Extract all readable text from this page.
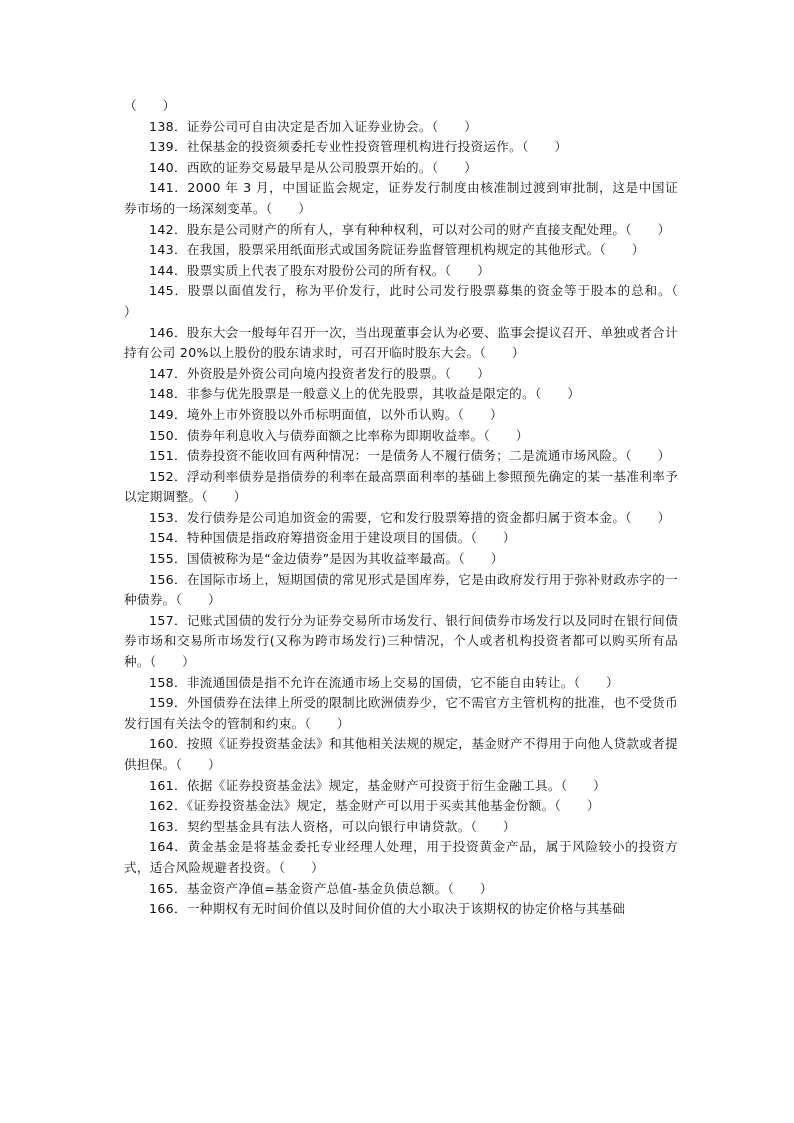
（　　）

138．证券公司可自由决定是否加入证券业协会。（　　）

139．社保基金的投资须委托专业性投资管理机构进行投资运作。（　　）

140．西欧的证券交易最早是从公司股票开始的。（　　）

141．2000 年 3 月，中国证监会规定，证券发行制度由核准制过渡到审批制，这是中国证券市场的一场深刻变革。（　　）

142．股东是公司财产的所有人，享有种种权利，可以对公司的财产直接支配处理。（　　）

143．在我国，股票采用纸面形式或国务院证券监督管理机构规定的其他形式。（　　）

144．股票实质上代表了股东对股份公司的所有权。（　　）

145．股票以面值发行，称为平价发行，此时公司发行股票募集的资金等于股本的总和。（　　）

146．股东大会一般每年召开一次，当出现董事会认为必要、监事会提议召开、单独或者合计持有公司 20%以上股份的股东请求时，可召开临时股东大会。（　　）

147．外资股是外资公司向境内投资者发行的股票。（　　）

148．非参与优先股票是一般意义上的优先股票，其收益是限定的。（　　）

149．境外上市外资股以外币标明面值，以外币认购。（　　）

150．债券年利息收入与债券面额之比率称为即期收益率。（　　）

151．债券投资不能收回有两种情况：一是债务人不履行债务；二是流通市场风险。（　　）

152．浮动利率债券是指债券的利率在最高票面利率的基础上参照预先确定的某一基准利率予以定期调整。（　　）

153．发行债券是公司追加资金的需要，它和发行股票筹措的资金都归属于资本金。（　　）

154．特种国债是指政府筹措资金用于建设项目的国债。（　　）

155．国债被称为是“金边债券”是因为其收益率最高。（　　）

156．在国际市场上，短期国债的常见形式是国库券，它是由政府发行用于弥补财政赤字的一种债券。（　　）

157．记账式国债的发行分为证券交易所市场发行、银行间债券市场发行以及同时在银行间债券市场和交易所市场发行(又称为跨市场发行)三种情况，个人或者机构投资者都可以购买所有品种。（　　）

158．非流通国债是指不允许在流通市场上交易的国债，它不能自由转让。（　　）

159．外国债券在法律上所受的限制比欧洲债券少，它不需官方主管机构的批准，也不受货币发行国有关法令的管制和约束。（　　）

160．按照《证券投资基金法》和其他相关法规的规定，基金财产不得用于向他人贷款或者提供担保。（　　）

161．依据《证券投资基金法》规定，基金财产可投资于衍生金融工具。（　　）

162．《证券投资基金法》规定，基金财产可以用于买卖其他基金份额。（　　）

163．契约型基金具有法人资格，可以向银行申请贷款。（　　）

164．黄金基金是将基金委托专业经理人处理，用于投资黄金产品，属于风险较小的投资方式，适合风险规避者投资。（　　）

165．基金资产净值=基金资产总值-基金负债总额。（　　）

166．一种期权有无时间价值以及时间价值的大小取决于该期权的协定价格与其基础
